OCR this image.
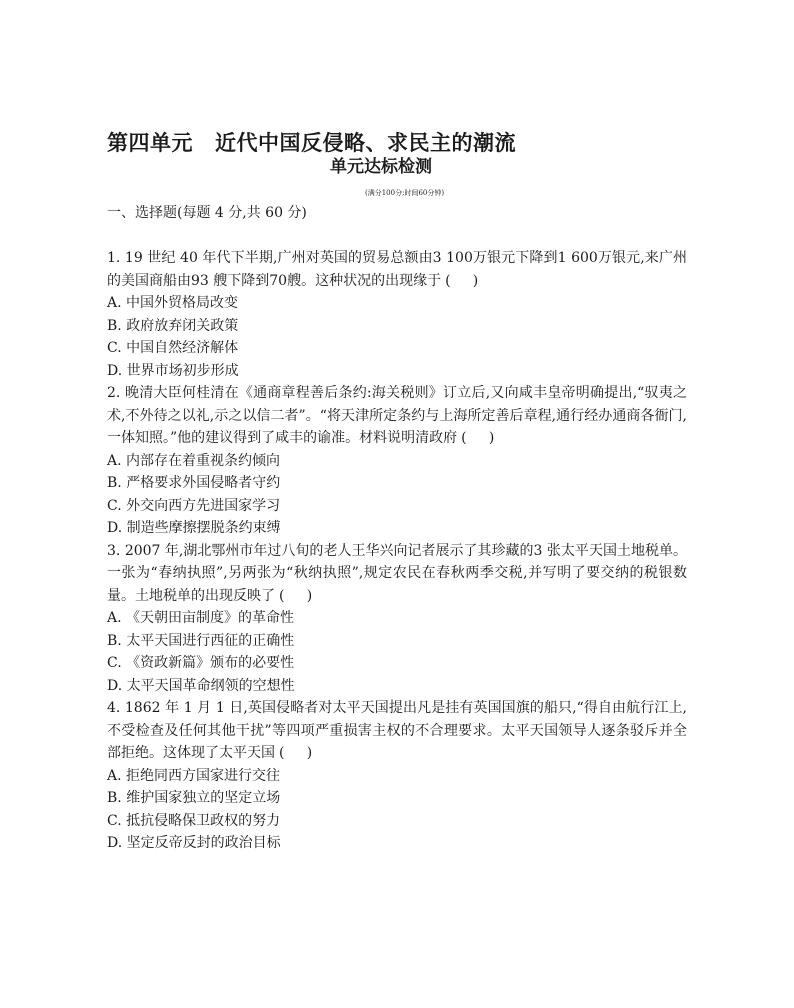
第四单元 近代中国反侵略、求民主的潮流
单元达标检测
(满分100分;时间60分钟)
一、选择题(每题 4 分,共 60 分)

1. 19 世纪 40 年代下半期,广州对英国的贸易总额由3 100万银元下降到1 600万银元,来广州的美国商船由93 艘下降到70艘。这种状况的出现缘于 (     )

A. 中国外贸格局改变

B. 政府放弃闭关政策

C. 中国自然经济解体

D. 世界市场初步形成

2. 晚清大臣何桂清在《通商章程善后条约:海关税则》订立后,又向咸丰皇帝明确提出,“驭夷之术,不外待之以礼,示之以信二者”。“将天津所定条约与上海所定善后章程,通行经办通商各衙门,一体知照。”他的建议得到了咸丰的谕准。材料说明清政府 (     )

A. 内部存在着重视条约倾向

B. 严格要求外国侵略者守约

C. 外交向西方先进国家学习

D. 制造些摩擦摆脱条约束缚

3. 2007 年,湖北鄂州市年过八旬的老人王华兴向记者展示了其珍藏的3 张太平天国土地税单。一张为“春纳执照”,另两张为“秋纳执照”,规定农民在春秋两季交税,并写明了要交纳的税银数量。土地税单的出现反映了 (     )

A. 《天朝田亩制度》的革命性

B. 太平天国进行西征的正确性

C. 《资政新篇》颁布的必要性

D. 太平天国革命纲领的空想性

4. 1862 年 1 月 1 日,英国侵略者对太平天国提出凡是挂有英国国旗的船只,“得自由航行江上,不受检查及任何其他干扰”等四项严重损害主权的不合理要求。太平天国领导人逐条驳斥并全部拒绝。这体现了太平天国 (     )

A. 拒绝同西方国家进行交往

B. 维护国家独立的坚定立场

C. 抵抗侵略保卫政权的努力

D. 坚定反帝反封的政治目标
